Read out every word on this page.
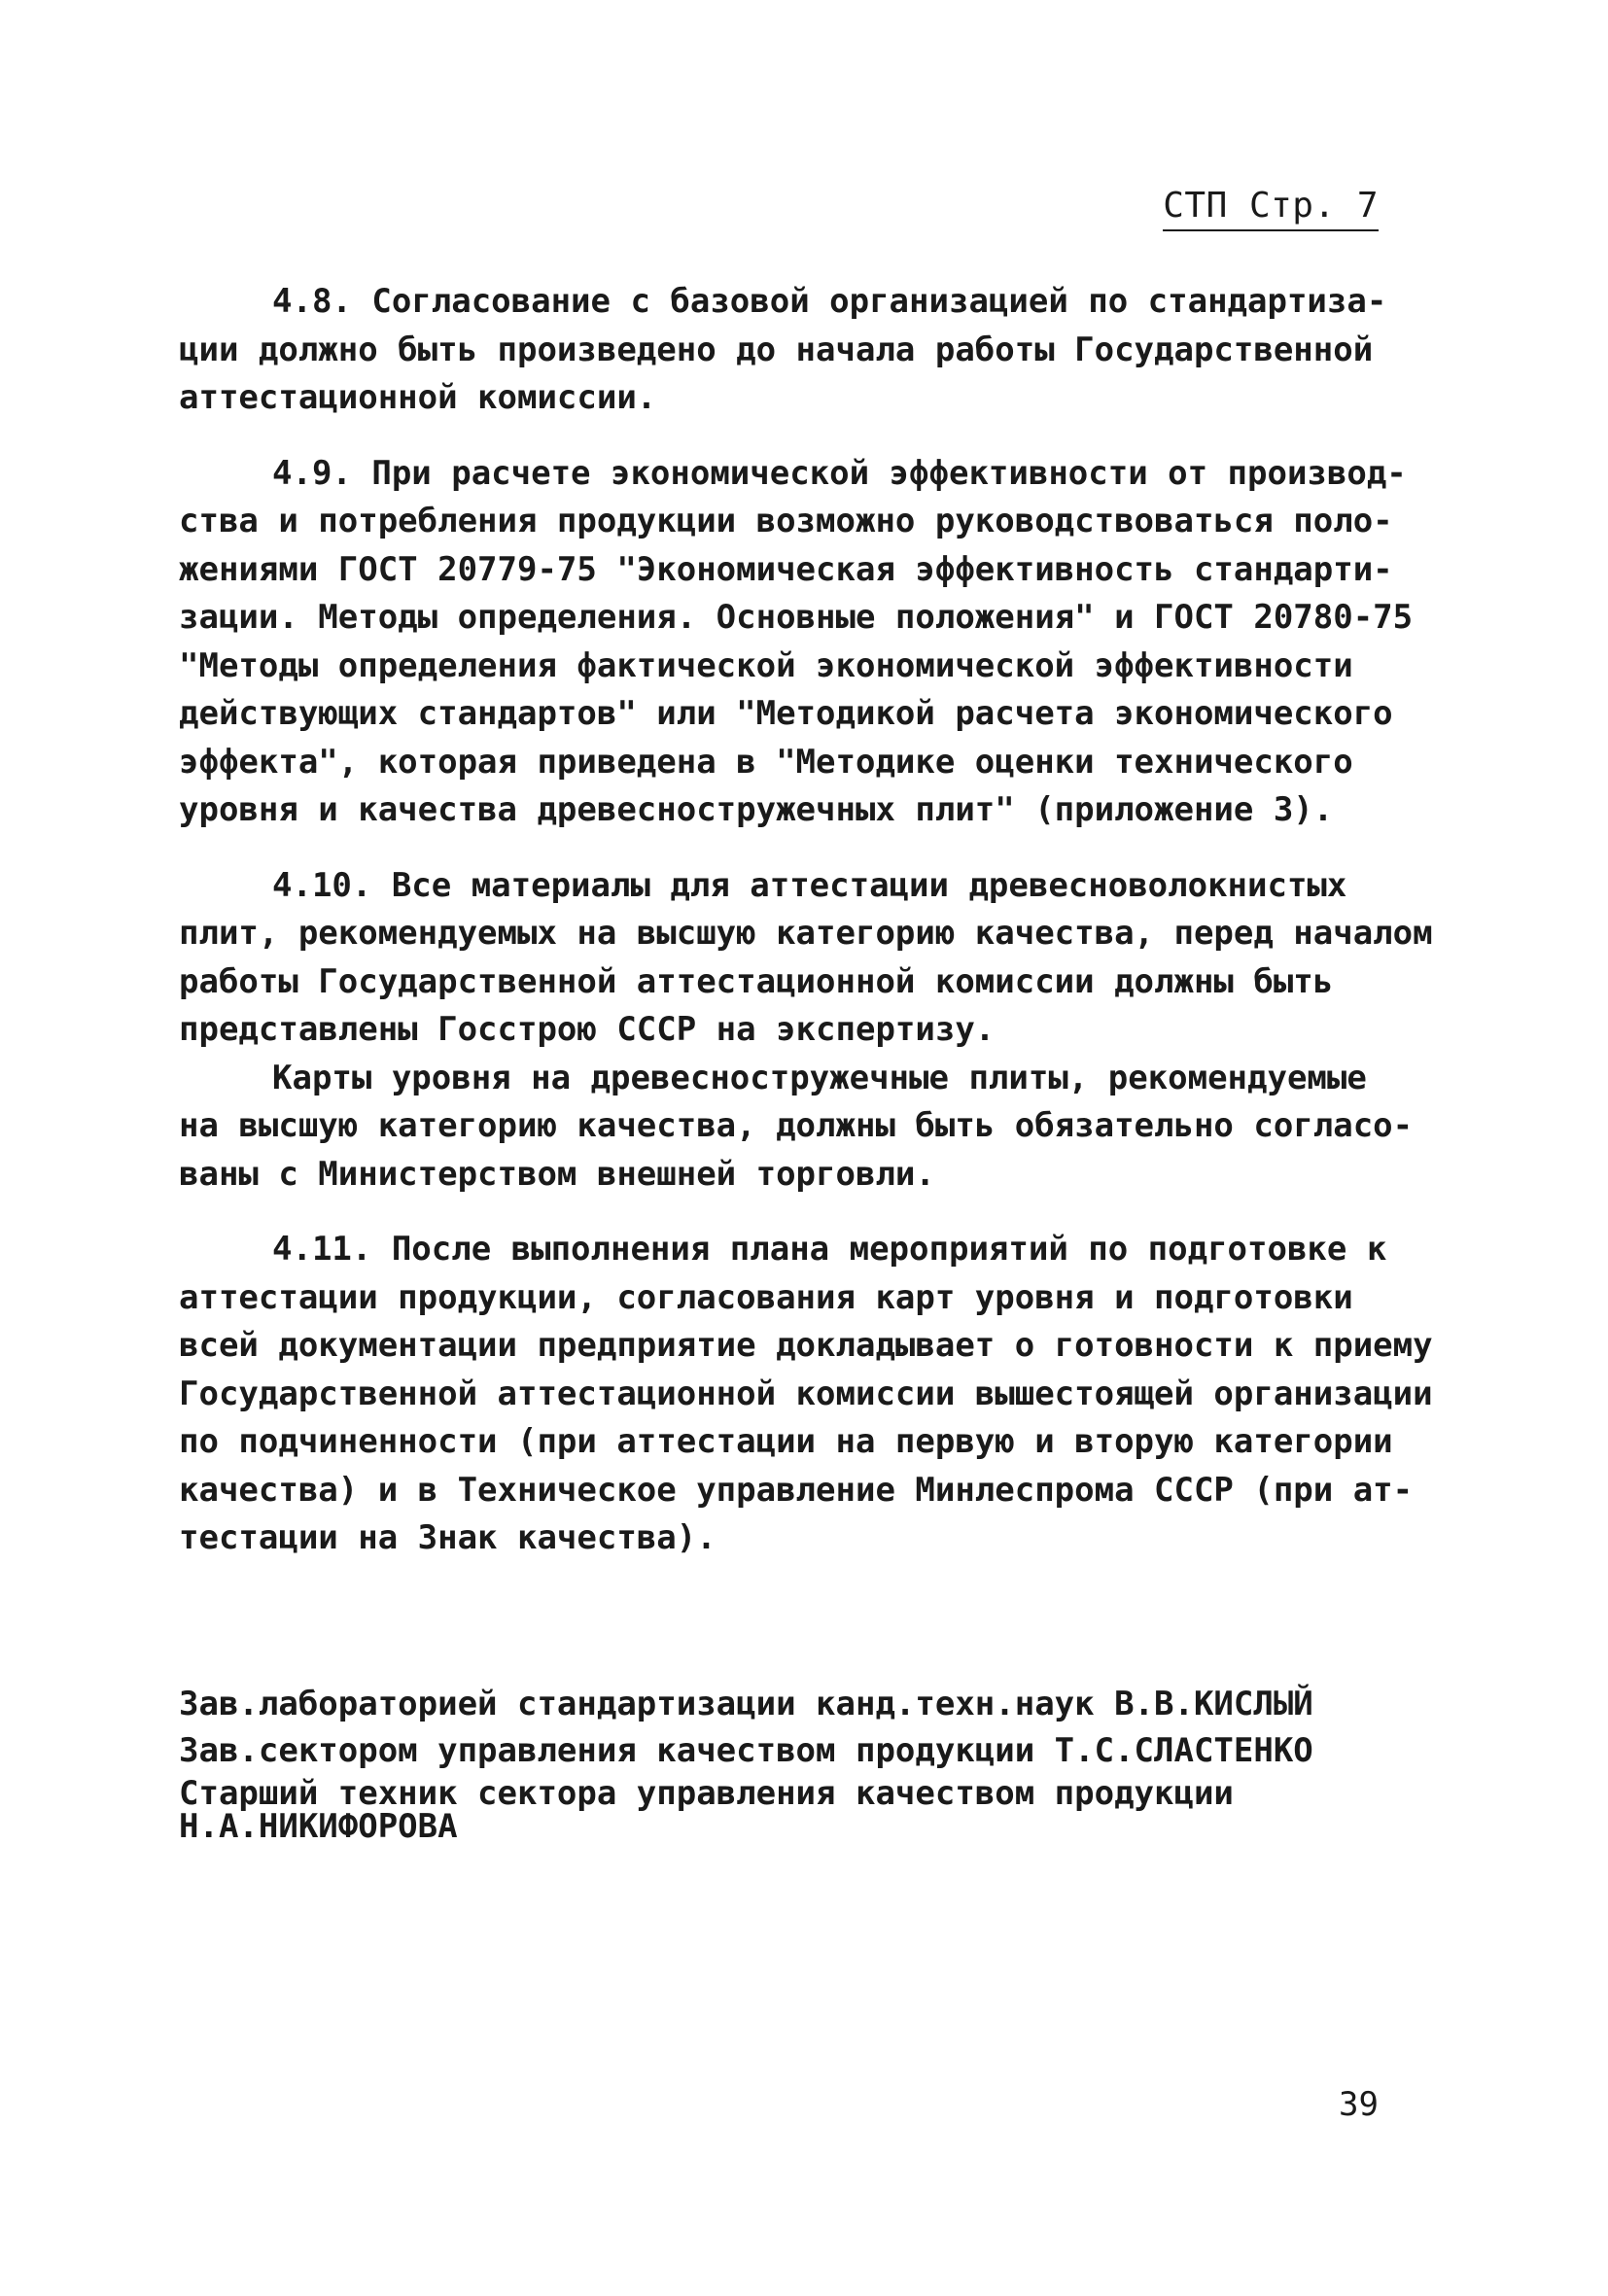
СТП Стр. 7

4.8. Согласование с базовой организацией по стандартиза-
ции должно быть произведено до начала работы Государственной
аттестационной комиссии.

4.9. При расчете экономической эффективности от производ-
ства и потребления продукции возможно руководствоваться поло-
жениями ГОСТ 20779-75 "Экономическая эффективность стандарти-
зации. Методы определения. Основные положения" и ГОСТ 20780-75
"Методы определения фактической экономической эффективности
действующих стандартов" или "Методикой расчета экономического
эффекта", которая приведена в "Методике оценки технического
уровня и качества древесностружечных плит" (приложение 3).

4.10. Все материалы для аттестации древесноволокнистых
плит, рекомендуемых на высшую категорию качества, перед началом
работы Государственной аттестационной комиссии должны быть
представлены Госстрою СССР на экспертизу.

Карты уровня на древесностружечные плиты, рекомендуемые
на высшую категорию качества, должны быть обязательно согласо-
ваны с Министерством внешней торговли.

4.11. После выполнения плана мероприятий по подготовке к
аттестации продукции, согласования карт уровня и подготовки
всей документации предприятие докладывает о готовности к приему
Государственной аттестационной комиссии вышестоящей организации
по подчиненности (при аттестации на первую и вторую категории
качества) и в Техническое управление Минлеспрома СССР (при ат-
тестации на Знак качества).

Зав.лабораторией стандартизации канд.техн.наук В.В.КИСЛЫЙ
Зав.сектором управления качеством продукции Т.С.СЛАСТЕНКО
Старший техник сектора управления качеством продукции
Н.А.НИКИФОРОВА
39
